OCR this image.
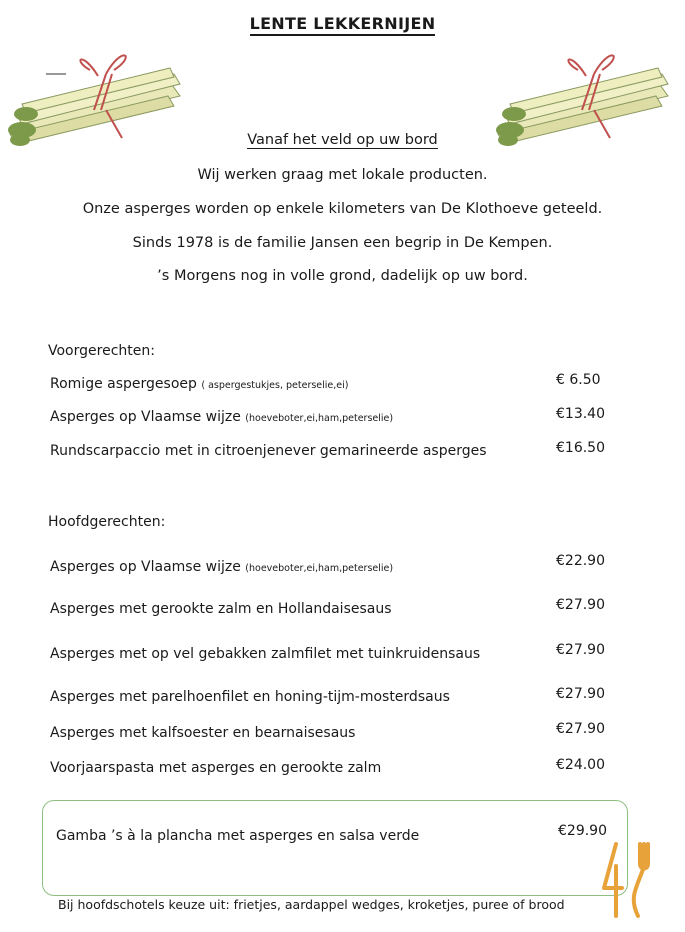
LENTE LEKKERNIJEN
Vanaf het veld op uw bord
Wij werken graag met lokale producten.
Onze asperges worden op enkele kilometers van De Klothoeve geteeld.
Sinds 1978 is de familie Jansen een begrip in De Kempen.
’s Morgens nog in volle grond, dadelijk op uw bord.
Voorgerechten:
Romige aspergesoep ( aspergestukjes, peterselie,ei)	€ 6.50
Asperges op Vlaamse wijze (hoeveboter,ei,ham,peterselie)	€13.40
Rundscarpaccio met in citroenjenever gemarineerde asperges	€16.50
Hoofdgerechten:
Asperges op Vlaamse wijze (hoeveboter,ei,ham,peterselie)	€22.90
Asperges met gerookte zalm en Hollandaisesaus	€27.90
Asperges met op vel gebakken zalmfilet met tuinkruidensaus	€27.90
Asperges met parelhoenfilet en honing-tijm-mosterdsaus	€27.90
Asperges met kalfsoester en bearnaisesaus	€27.90
Voorjaarspasta met asperges en gerookte zalm	€24.00
Gamba ’s à la plancha met asperges en salsa verde	€29.90
Bij hoofdschotels keuze uit: frietjes, aardappel wedges, kroketjes, puree of brood
